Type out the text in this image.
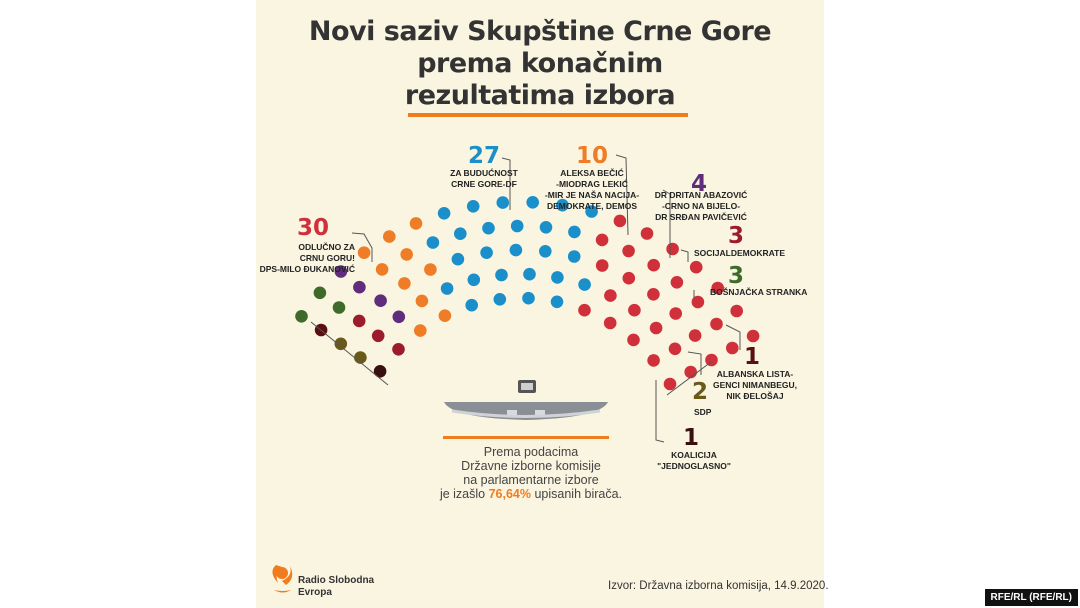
Novi saziv Skupštine Crne Gore
prema konačnim
rezultatima izbora
30
ODLUČNO ZA
CRNU GORU!
DPS-MILO ĐUKANOVIĆ
27
ZA BUDUĆNOST
CRNE GORE-DF
10
ALEKSA BEČIĆ
-MIODRAG LEKIĆ
-MIR JE NAŠA NACIJA-
DEMOKRATE, DEMOS
4
DR DRITAN ABAZOVIĆ
-CRNO NA BIJELO-
DR SRĐAN PAVIČEVIĆ
3
SOCIJALDEMOKRATE
3
BOŠNJAČKA STRANKA
1
ALBANSKA LISTA-
GENCI NIMANBEGU,
NIK ĐELOŠAJ
2
SDP
1
KOALICIJA
"JEDNOGLASNO"
Prema podacima
Državne izborne komisije
na parlamentarne izbore
je izašlo 76,64% upisanih birača.
Radio Slobodna
Evropa
Izvor: Državna izborna komisija, 14.9.2020.
RFE/RL (RFE/RL)
